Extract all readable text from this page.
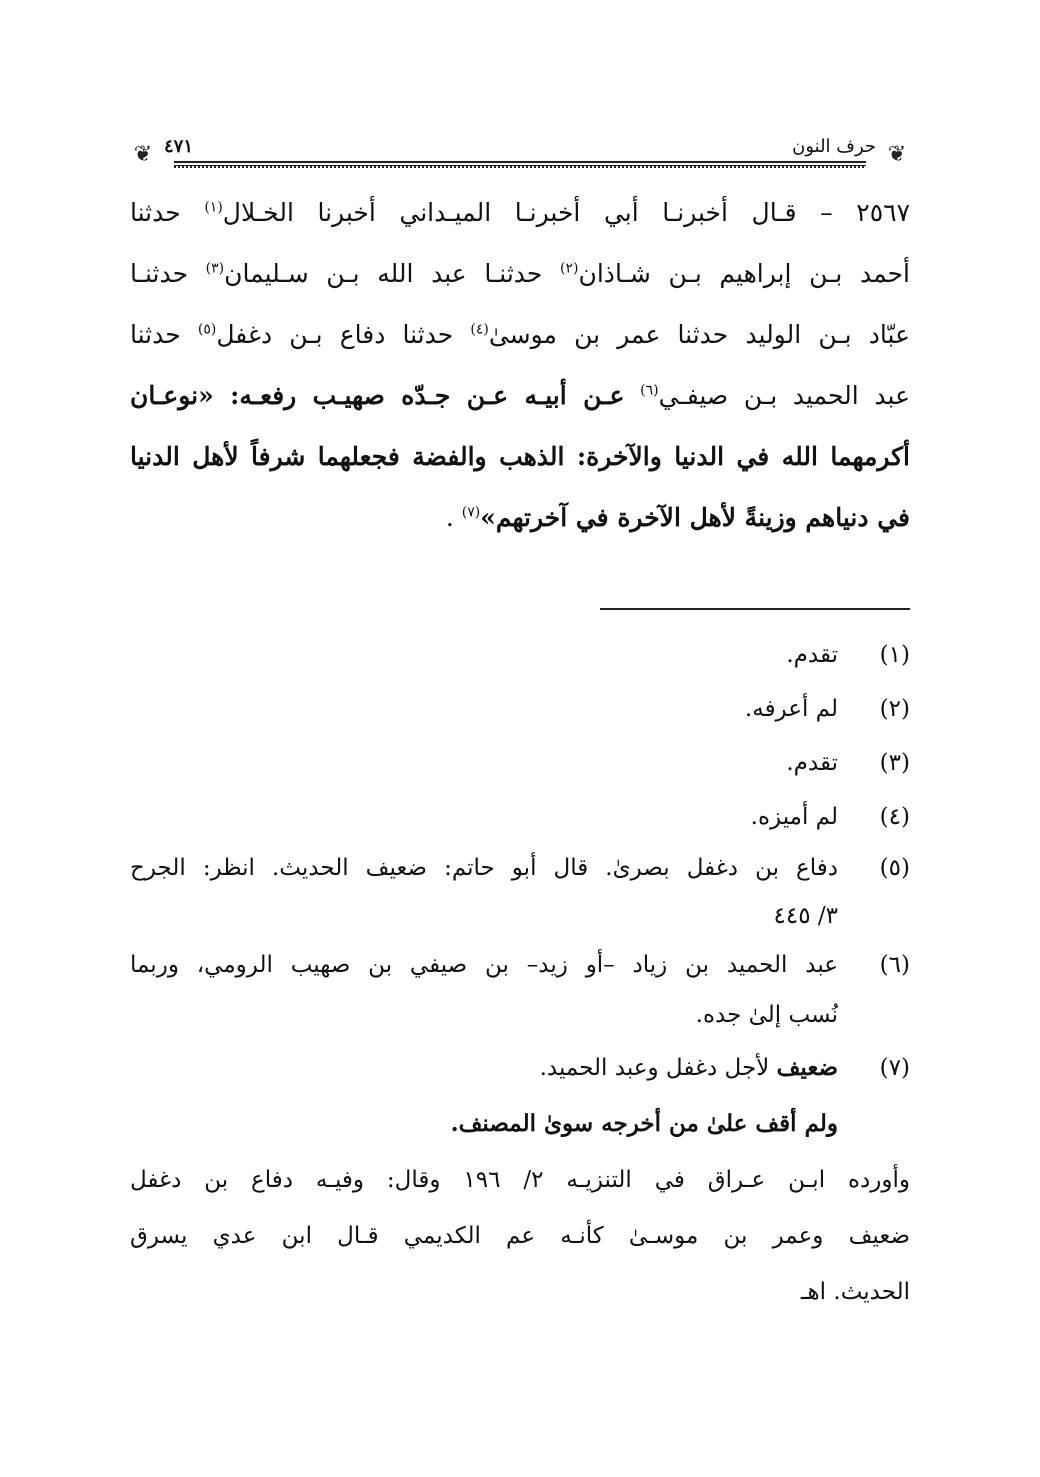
❦
❦	حرف النون
٤٧١

٢٥٦٧ – قـال أخبرنـا أبي أخبرنـا الميـداني أخبرنا الخـلال$^{(١)}$ حدثنا
أحمد بـن إبراهيم بـن شـاذان$^{(٢)}$ حدثنـا عبد الله بـن سـليمان$^{(٣)}$ حدثنـا
عبّاد بـن الوليد حدثنا عمر بن موسىٰ$^{(٤)}$ حدثنا دفاع بـن دغفل$^{(٥)}$ حدثنا
عبد الحميد بـن صيفـي$^{(٦)}$ عـن أبيـه عـن جـدّه صهيـب رفعـه: «نوعـان
أكرمهما الله في الدنيا والآخرة: الذهب والفضة فجعلهما شرفاً لأهل الدنيا
في دنياهم وزينةً لأهل الآخرة في آخرتهم»$^{(٧)}$ .

(١)
تقدم.
(٢)
لم أعرفه.
(٣)
تقدم.
(٤)
لم أميزه.
(٥)
دفاع بن دغفل بصرىٰ. قال أبو حاتم: ضعيف الحديث. انظر: الجرح
٣/ ٤٤٥
(٦)
عبد الحميد بن زياد –أو زيد– بن صيفي بن صهيب الرومي، وربما
نُسب إلىٰ جده.
(٧)
ضعيف لأجل دغفل وعبد الحميد.
ولم أقف علىٰ من أخرجه سوىٰ المصنف.
وأورده ابـن عـراق في التنزيـه ٢/ ١٩٦ وقال: وفيـه دفاع بن دغفل
ضعيف وعمر بن موسـىٰ كأنـه عم الكديمي قـال ابن عدي يسرق
الحديث. اهـ
